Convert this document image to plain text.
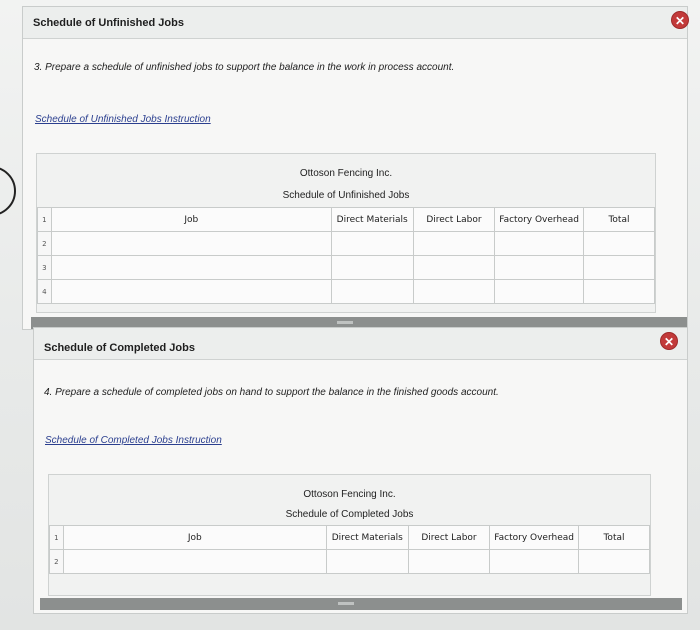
Schedule of Unfinished Jobs	✕
3. Prepare a schedule of unfinished jobs to support the balance in the work in process account.
Schedule of Unfinished Jobs Instruction
Ottoson Fencing Inc.
Schedule of Unfinished Jobs
1	Job	Direct Materials	Direct Labor	Factory Overhead	Total
2					
3					
4					
Schedule of Completed Jobs	✕
4. Prepare a schedule of completed jobs on hand to support the balance in the finished goods account.
Schedule of Completed Jobs Instruction
Ottoson Fencing Inc.
Schedule of Completed Jobs
1	Job	Direct Materials	Direct Labor	Factory Overhead	Total
2					
